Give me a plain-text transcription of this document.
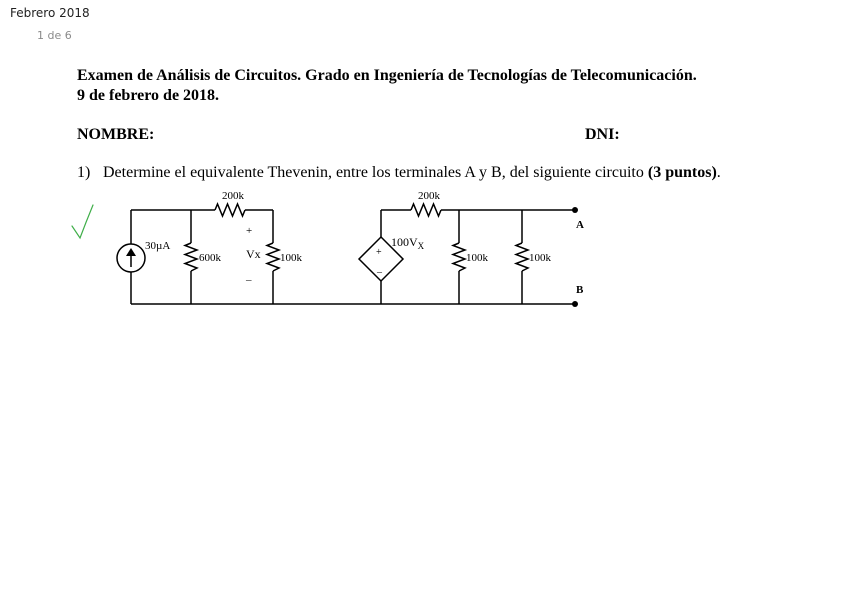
Febrero 2018
1 de 6
Examen de Análisis de Circuitos. Grado en Ingeniería de Tecnologías de Telecomunicación.
9 de febrero de 2018.
NOMBRE:	DNI:
1) Determine el equivalente Thevenin, entre los terminales A y B, del siguiente circuito (3 puntos).
200k	200k
30µA
600k
+
Vx
–
100k
$100V_X$
+
–
100k	100k
A
B
